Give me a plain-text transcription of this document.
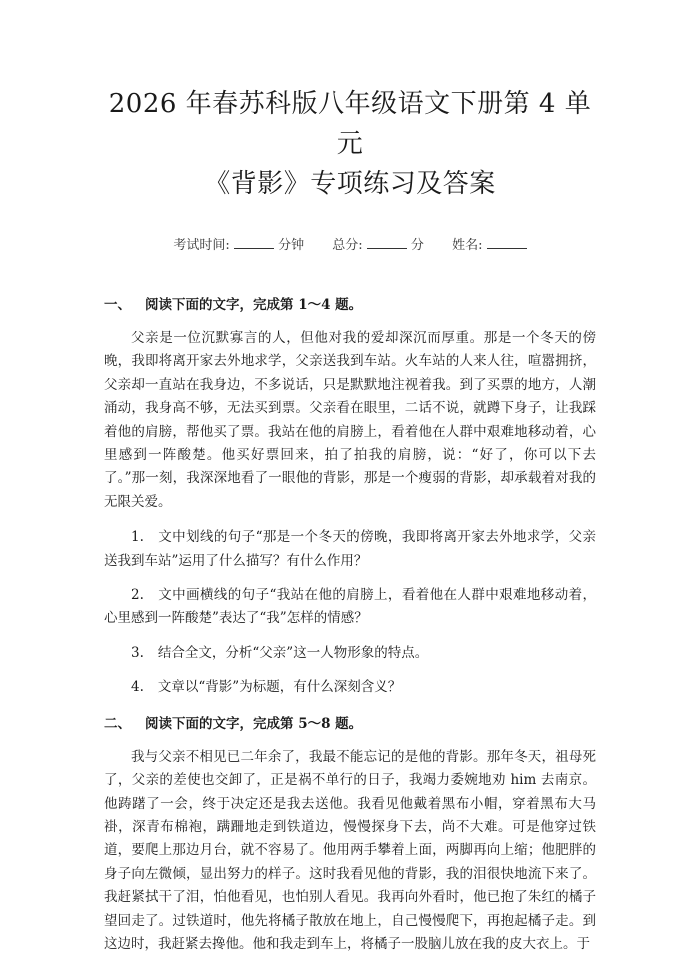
2026 年春苏科版八年级语文下册第 4 单元
《背影》专项练习及答案
考试时间:	分钟 总分:	分 姓名:
一、 阅读下面的文字，完成第 1～4 题。

父亲是一位沉默寡言的人，但他对我的爱却深沉而厚重。那是一个冬天的傍晚，我即将离开家去外地求学，父亲送我到车站。火车站的人来人往，喧嚣拥挤，父亲却一直站在我身边，不多说话，只是默默地注视着我。到了买票的地方，人潮涌动，我身高不够，无法买到票。父亲看在眼里，二话不说，就蹲下身子，让我踩着他的肩膀，帮他买了票。我站在他的肩膀上，看着他在人群中艰难地移动着，心里感到一阵酸楚。他买好票回来，拍了拍我的肩膀，说：“好了，你可以下去了。”那一刻，我深深地看了一眼他的背影，那是一个瘦弱的背影，却承载着对我的无限关爱。

1. 文中划线的句子“那是一个冬天的傍晚，我即将离开家去外地求学，父亲送我到车站”运用了什么描写？有什么作用？

2. 文中画横线的句子“我站在他的肩膀上，看着他在人群中艰难地移动着，心里感到一阵酸楚”表达了“我”怎样的情感？

3. 结合全文，分析“父亲”这一人物形象的特点。

4. 文章以“背影”为标题，有什么深刻含义？

二、 阅读下面的文字，完成第 5～8 题。

我与父亲不相见已二年余了，我最不能忘记的是他的背影。那年冬天，祖母死了，父亲的差使也交卸了，正是祸不单行的日子，我竭力委婉地劝 him 去南京。他踌躇了一会，终于决定还是我去送他。我看见他戴着黑布小帽，穿着黑布大马褂，深青布棉袍，蹒跚地走到铁道边，慢慢探身下去，尚不大难。可是他穿过铁道，要爬上那边月台，就不容易了。他用两手攀着上面，两脚再向上缩；他肥胖的身子向左微倾，显出努力的样子。这时我看见他的背影，我的泪很快地流下来了。我赶紧拭干了泪，怕他看见，也怕别人看见。我再向外看时，他已抱了朱红的橘子望回走了。过铁道时，他先将橘子散放在地上，自己慢慢爬下，再抱起橘子走。到这边时，我赶紧去搀他。他和我走到车上，将橘子一股脑儿放在我的皮大衣上。于
